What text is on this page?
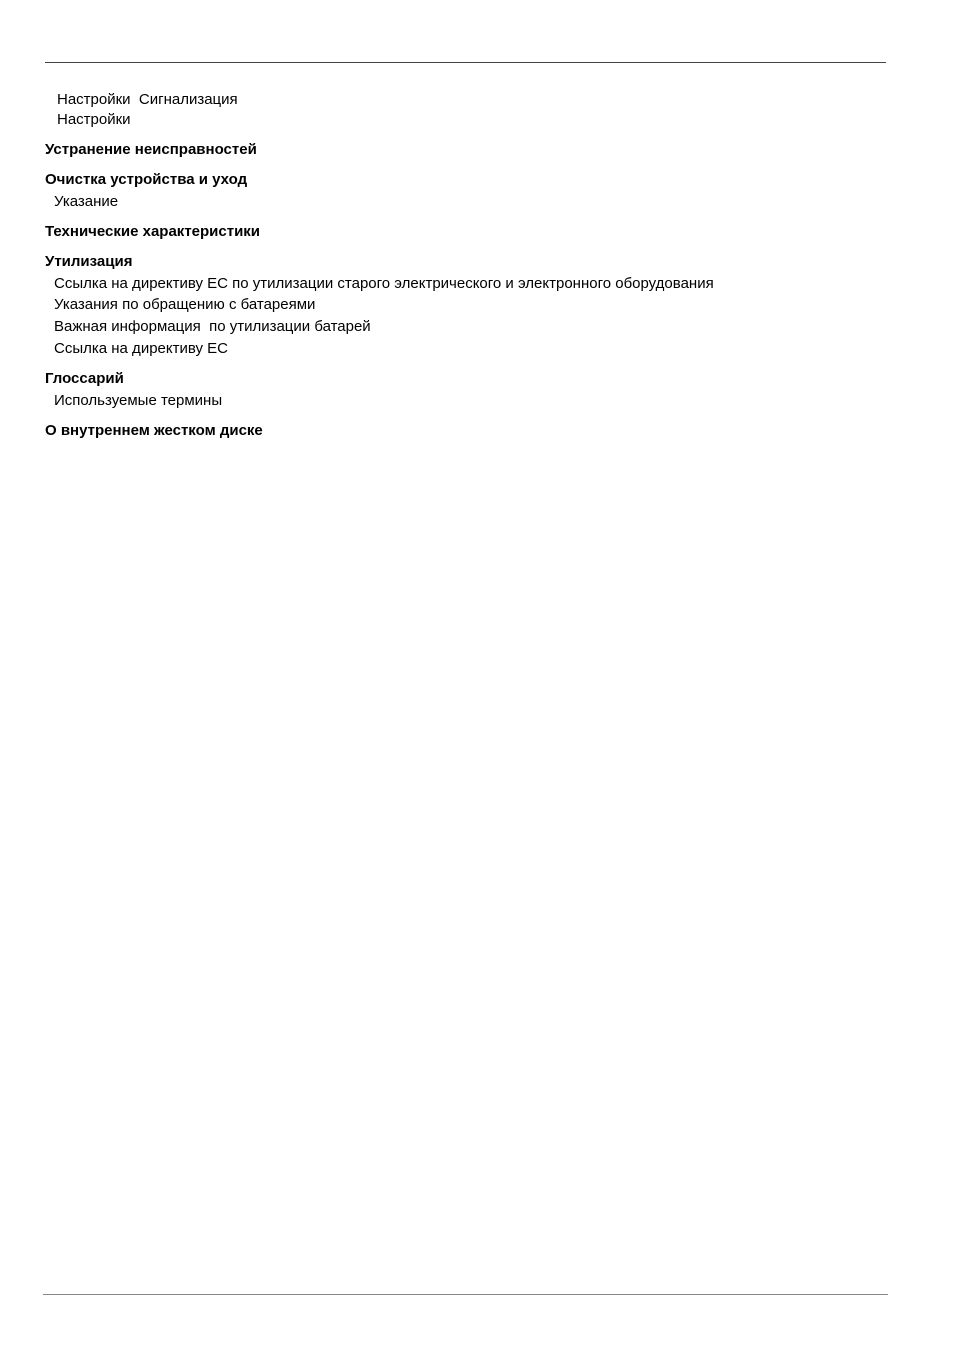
Настройки  Сигнализация
Настройки
Устранение неисправностей
Очистка устройства и уход
Указание
Технические характеристики
Утилизация
Ссылка на директиву ЕС по утилизации старого электрического и электронного оборудования
Указания по обращению с батареями
Важная информация  по утилизации батарей
Ссылка на директиву ЕС
Глоссарий
Используемые термины
О внутреннем жестком диске
